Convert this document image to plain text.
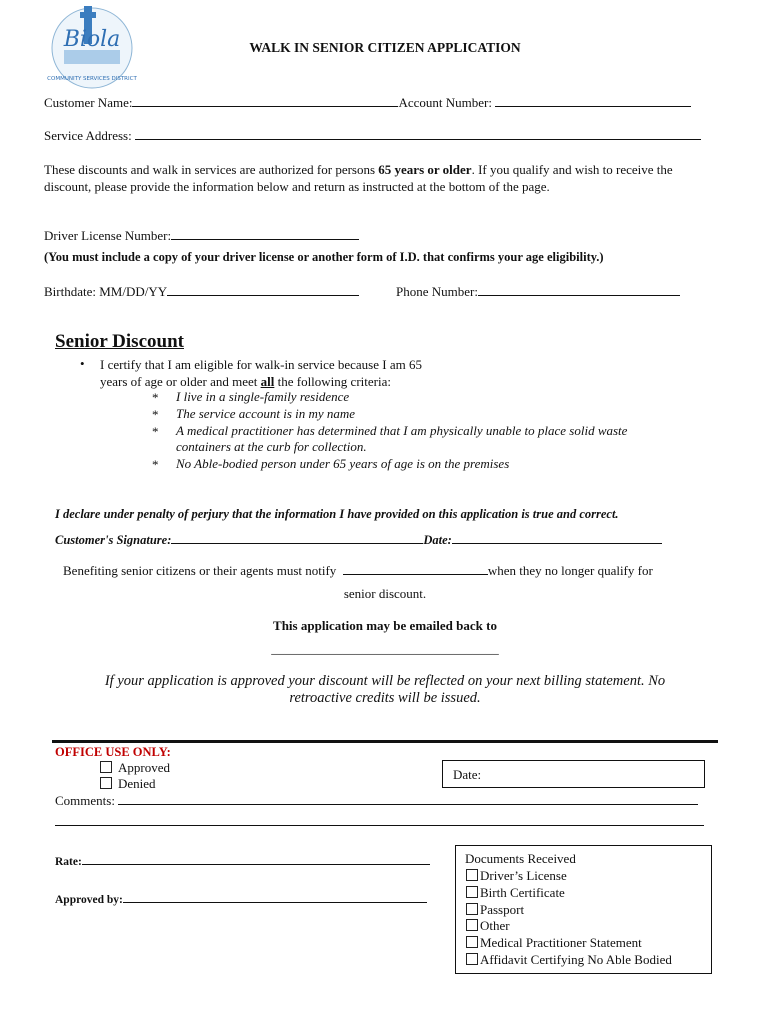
Biola
COMMUNITY SERVICES DISTRICT
WALK IN SENIOR CITIZEN APPLICATION
Customer Name:	Account Number:
Service Address:
These discounts and walk in services are authorized for persons 65 years or older. If you qualify and wish to receive the discount, please provide the information below and return as instructed at the bottom of the page.
Driver License Number:
(You must include a copy of your driver license or another form of I.D. that confirms your age eligibility.)
Birthdate: MM/DD/YY	Phone Number:
Senior Discount
• I certify that I am eligible for walk-in service because I am 65
years of age or older and meet all the following criteria:
* I live in a single-family residence
* The service account is in my name
* A medical practitioner has determined that I am physically unable to place solid waste containers at the curb for collection.
* No Able-bodied person under 65 years of age is on the premises
I declare under penalty of perjury that the information I have provided on this application is true and correct.
Customer's Signature:	Date:
Benefiting senior citizens or their agents must notify	when they no longer qualify for
senior discount.
This application may be emailed back to
___________________________________
If your application is approved your discount will be reflected on your next billing statement. No retroactive credits will be issued.
OFFICE USE ONLY:
Approved
Denied
Date:
Comments:
Rate:
Approved by:
Documents Received
Driver’s License
Birth Certificate
Passport
Other
Medical Practitioner Statement
Affidavit Certifying No Able Bodied
